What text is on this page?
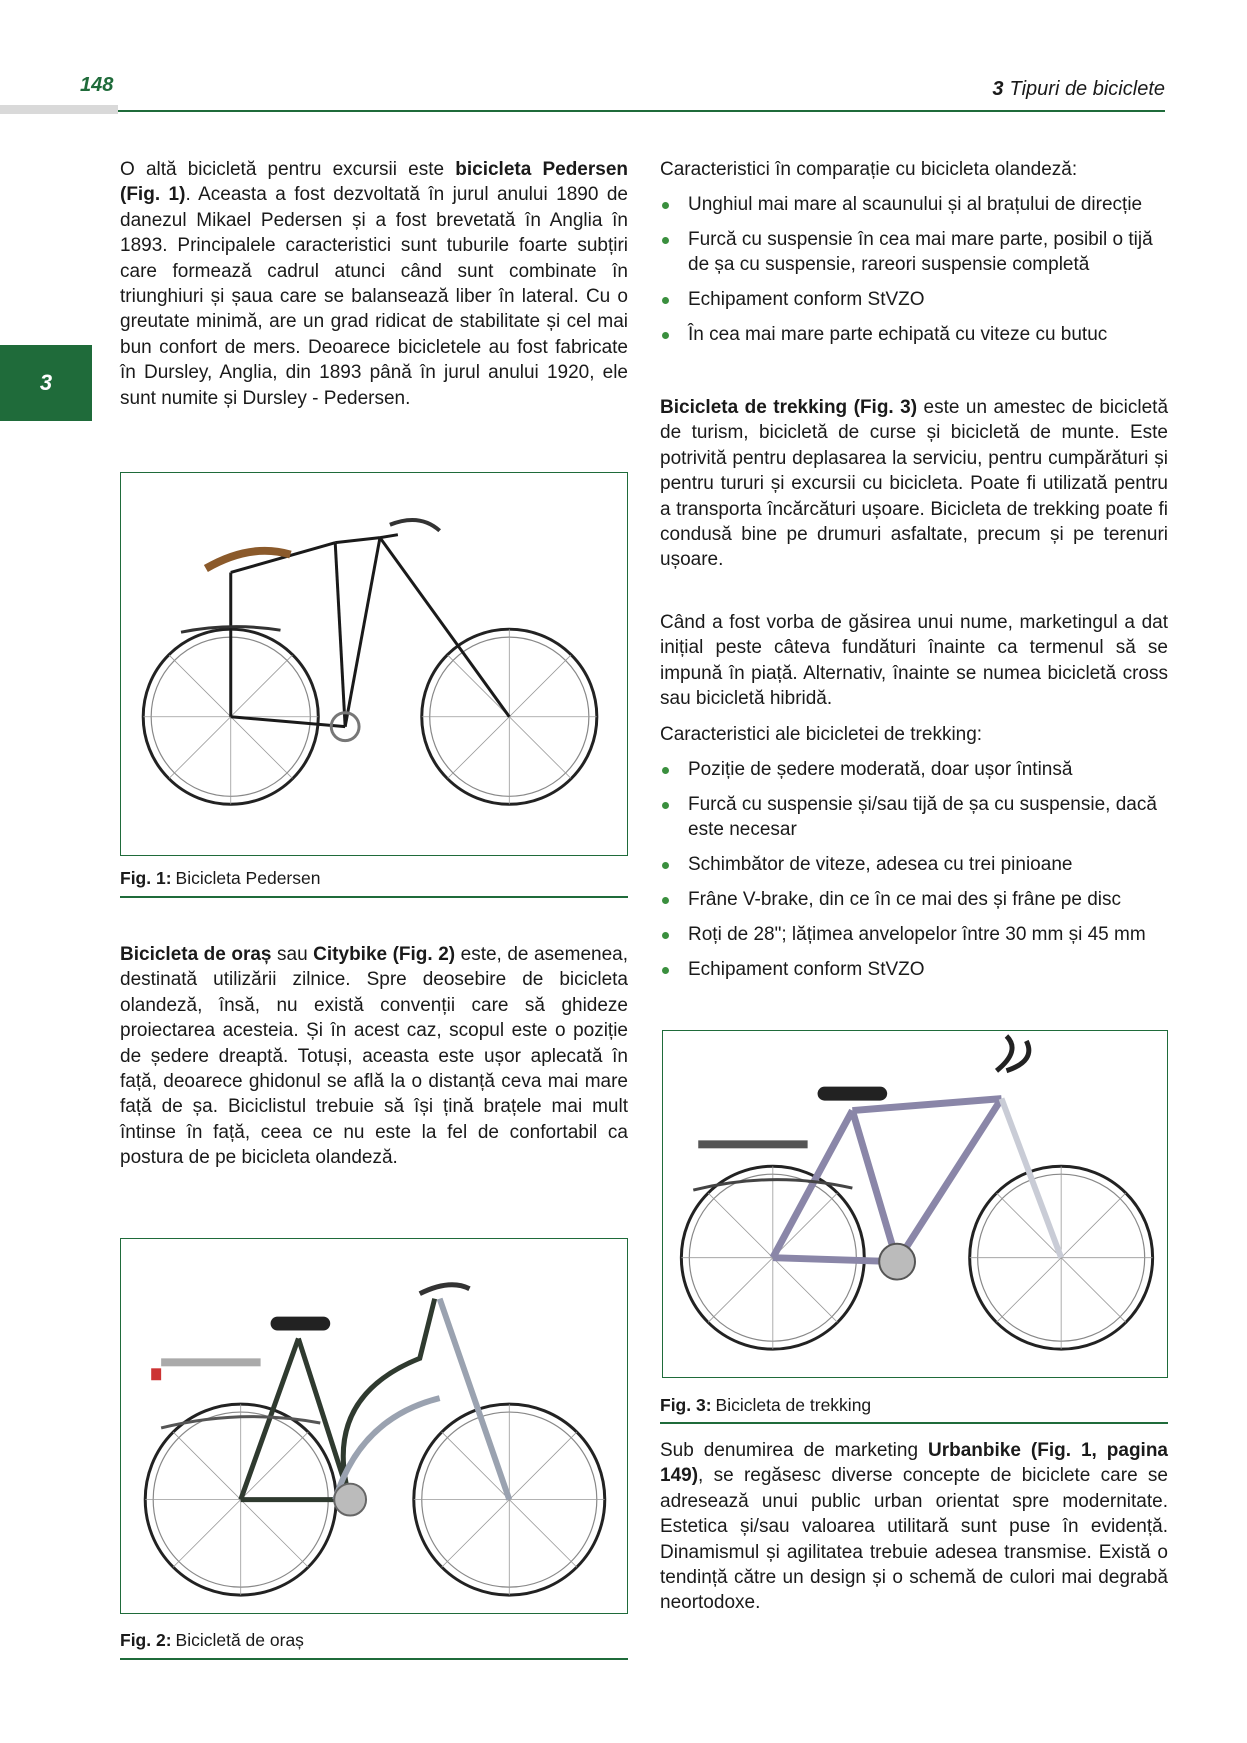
148	3 Tipuri de biciclete
3

O altă bicicletă pentru excursii este bicicleta Pedersen (Fig. 1). Aceasta a fost dezvoltată în jurul anului 1890 de danezul Mikael Pedersen și a fost brevetată în Anglia în 1893. Principalele caracteristici sunt tuburile foarte subțiri care formează cadrul atunci când sunt combinate în triunghiuri și șaua care se balansează liber în lateral. Cu o greutate minimă, are un grad ridicat de stabilitate și cel mai bun confort de mers. Deoarece bicicletele au fost fabricate în Dursley, Anglia, din 1893 până în jurul anului 1920, ele sunt numite și Dursley - Pedersen.

Fig. 1: Bicicleta Pedersen

Bicicleta de oraș sau Citybike (Fig. 2) este, de asemenea, destinată utilizării zilnice. Spre deosebire de bicicleta olandeză, însă, nu există convenții care să ghideze proiectarea acesteia. Și în acest caz, scopul este o poziție de ședere dreaptă. Totuși, aceasta este ușor aplecată în față, deoarece ghidonul se află la o distanță ceva mai mare față de șa. Biciclistul trebuie să își țină brațele mai mult întinse în față, ceea ce nu este la fel de confortabil ca postura de pe bicicleta olandeză.

Fig. 2: Bicicletă de oraș

Caracteristici în comparație cu bicicleta olandeză:

Unghiul mai mare al scaunului și al brațului de direcție
Furcă cu suspensie în cea mai mare parte, posibil o tijă de șa cu suspensie, rareori suspensie completă
Echipament conform StVZO
În cea mai mare parte echipată cu viteze cu butuc

Bicicleta de trekking (Fig. 3) este un amestec de bicicletă de turism, bicicletă de curse și bicicletă de munte. Este potrivită pentru deplasarea la serviciu, pentru cumpărături și pentru tururi și excursii cu bicicleta. Poate fi utilizată pentru a transporta încărcături ușoare. Bicicleta de trekking poate fi condusă bine pe drumuri asfaltate, precum și pe terenuri ușoare.

Când a fost vorba de găsirea unui nume, marketingul a dat inițial peste câteva fundături înainte ca termenul să se impună în piață. Alternativ, înainte se numea bicicletă cross sau bicicletă hibridă.

Caracteristici ale bicicletei de trekking:

Poziție de ședere moderată, doar ușor întinsă
Furcă cu suspensie și/sau tijă de șa cu suspensie, dacă este necesar
Schimbător de viteze, adesea cu trei pinioane
Frâne V-brake, din ce în ce mai des și frâne pe disc
Roți de 28"; lățimea anvelopelor între 30 mm și 45 mm
Echipament conform StVZO
Fig. 3: Bicicleta de trekking

Sub denumirea de marketing Urbanbike (Fig. 1, pagina 149), se regăsesc diverse concepte de biciclete care se adresează unui public urban orientat spre modernitate. Estetica și/sau valoarea utilitară sunt puse în evidență. Dinamismul și agilitatea trebuie adesea transmise. Există o tendință către un design și o schemă de culori mai degrabă neortodoxe.
